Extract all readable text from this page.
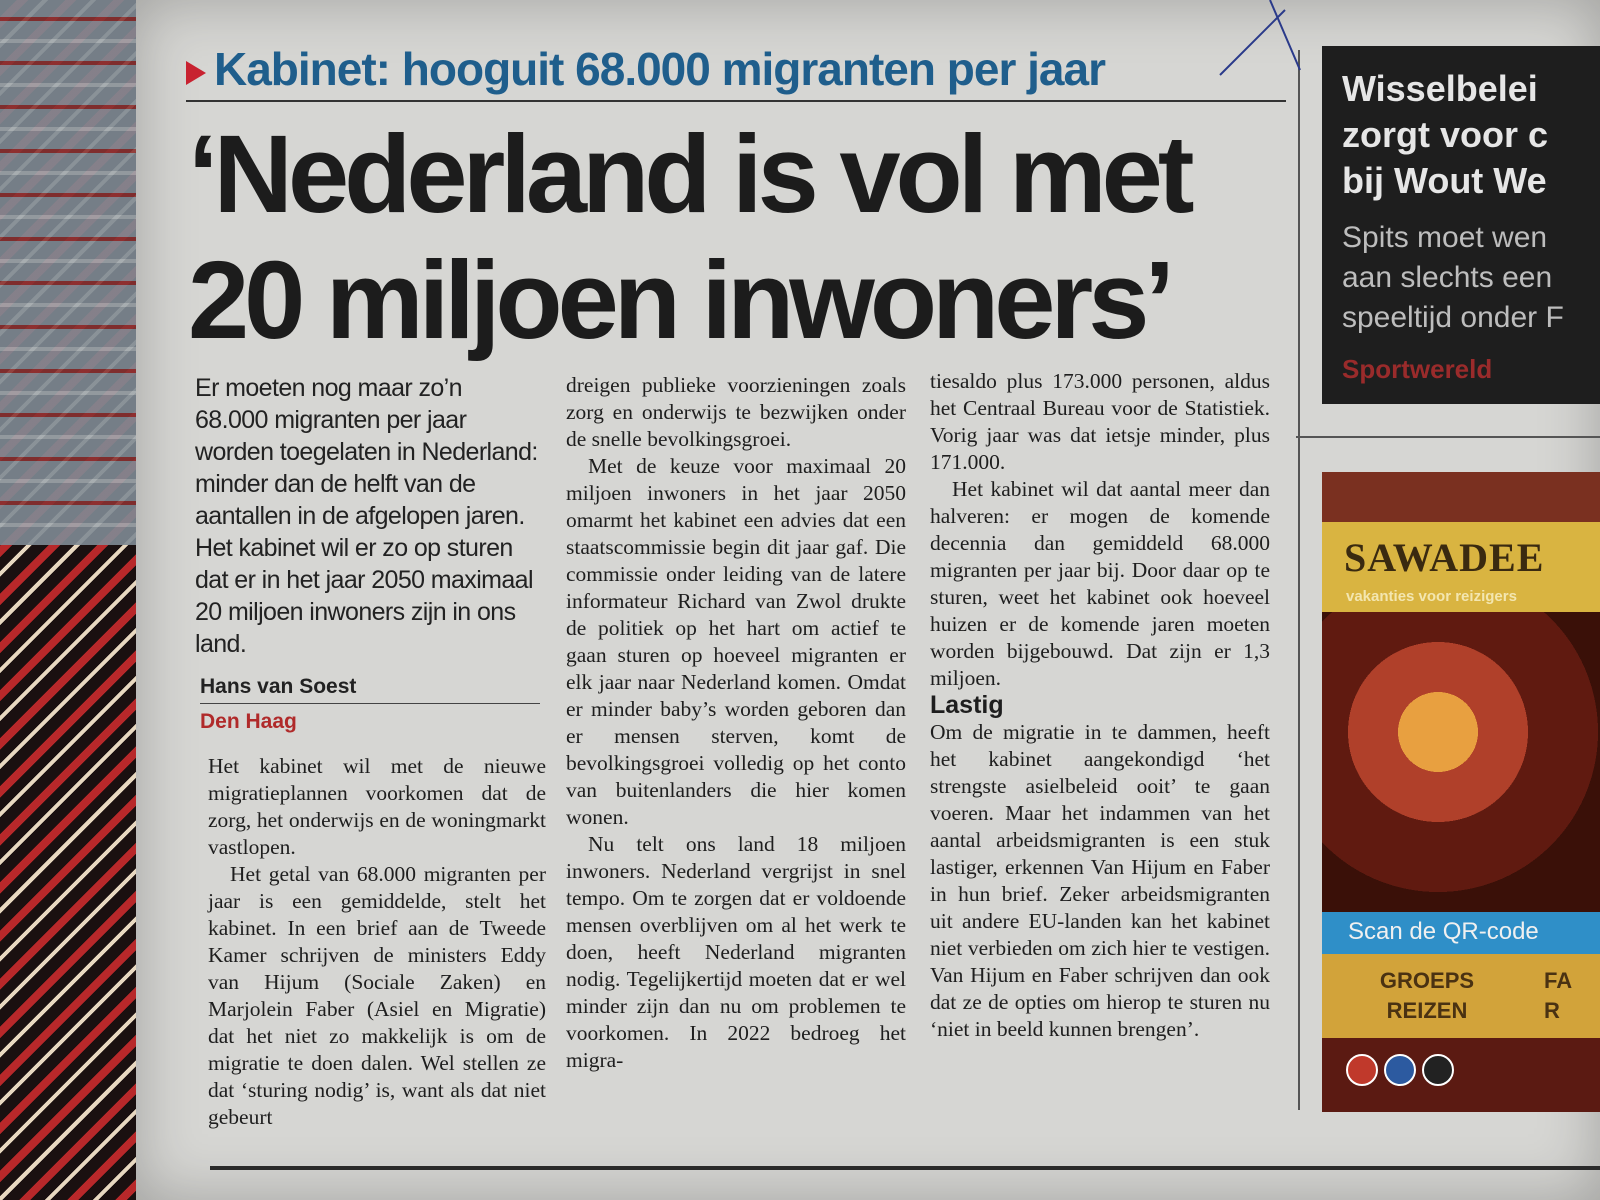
Kabinet: hooguit 68.000 migranten per jaar
‘Nederland is vol met
20 miljoen inwoners’
Er moeten nog maar zo’n 68.000 migranten per jaar worden toegelaten in Nederland: minder dan de helft van de aantallen in de afgelopen jaren. Het kabinet wil er zo op sturen dat er in het jaar 2050 maximaal 20 miljoen inwoners zijn in ons land.
Hans van Soest
Den Haag

Het kabinet wil met de nieuwe migratieplannen voorkomen dat de zorg, het onderwijs en de woningmarkt vastlopen.

Het getal van 68.000 migranten per jaar is een gemiddelde, stelt het kabinet. In een brief aan de Tweede Kamer schrijven de ministers Eddy van Hijum (Sociale Zaken) en Marjolein Faber (Asiel en Migratie) dat het niet zo makkelijk is om de migratie te doen dalen. Wel stellen ze dat ‘sturing nodig’ is, want als dat niet gebeurt

dreigen publieke voorzieningen zoals zorg en onderwijs te bezwijken onder de snelle bevolkingsgroei.

Met de keuze voor maximaal 20 miljoen inwoners in het jaar 2050 omarmt het kabinet een advies dat een staatscommissie begin dit jaar gaf. Die commissie onder leiding van de latere informateur Richard van Zwol drukte de politiek op het hart om actief te gaan sturen op hoeveel migranten er elk jaar naar Nederland komen. Omdat er minder baby’s worden geboren dan er mensen sterven, komt de bevolkingsgroei volledig op het conto van buitenlanders die hier komen wonen.

Nu telt ons land 18 miljoen inwoners. Nederland vergrijst in snel tempo. Om te zorgen dat er voldoende mensen overblijven om al het werk te doen, heeft Nederland migranten nodig. Tegelijkertijd moeten dat er wel minder zijn dan nu om problemen te voorkomen. In 2022 bedroeg het migra-

tiesaldo plus 173.000 personen, aldus het Centraal Bureau voor de Statistiek. Vorig jaar was dat ietsje minder, plus 171.000.

Het kabinet wil dat aantal meer dan halveren: er mogen de komende decennia dan gemiddeld 68.000 migranten per jaar bij. Door daar op te sturen, weet het kabinet ook hoeveel huizen er de komende jaren moeten worden bijgebouwd. Dat zijn er 1,3 miljoen.

Lastig

Om de migratie in te dammen, heeft het kabinet aangekondigd ‘het strengste asielbeleid ooit’ te gaan voeren. Maar het indammen van het aantal arbeidsmigranten is een stuk lastiger, erkennen Van Hijum en Faber in hun brief. Zeker arbeidsmigranten uit andere EU-landen kan het kabinet niet verbieden om zich hier te vestigen. Van Hijum en Faber schrijven dan ook dat ze de opties om hierop te sturen nu ‘niet in beeld kunnen brengen’.

Wisselbelei
zorgt voor c
bij Wout We
Spits moet wen
aan slechts een
speeltijd onder F
Sportwereld
SAWADEE
vakanties voor reizigers
Scan de QR-code
GROEPS
REIZEN
FA
R
